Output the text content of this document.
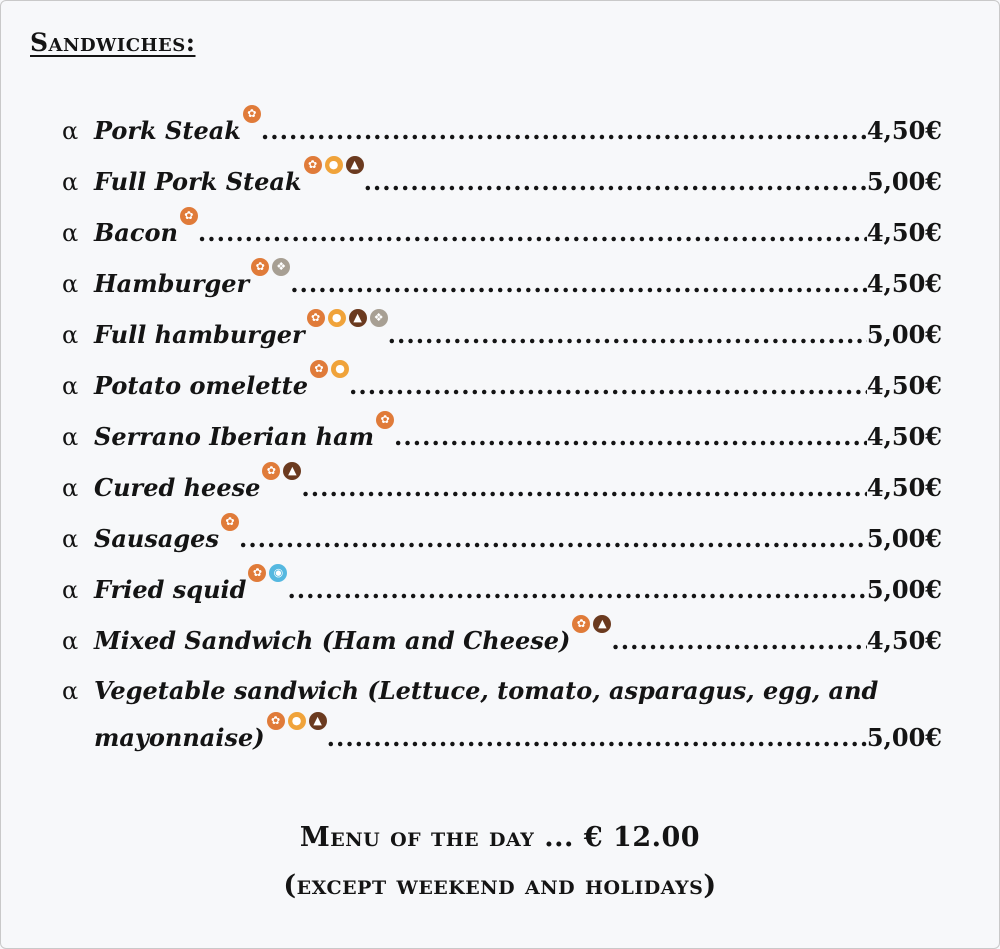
Sandwiches:
α Pork Steak
✿
.....
4,50€
α Full Pork Steak
✿	●	▲
.....
5,00€
α Bacon
✿
.....
4,50€
α Hamburger
✿	❖
.....
4,50€
α Full hamburger
✿	●	▲	❖
.....
5,00€
α Potato omelette
✿	●
.....
4,50€
α Serrano Iberian ham
✿
.....
4,50€
α Cured heese
✿	▲
.....
4,50€
α Sausages
✿
.....
5,00€
α Fried squid
✿	◉
.....
5,00€
α Mixed Sandwich (Ham and Cheese)
✿	▲
.....
4,50€
α Vegetable sandwich (Lettuce, tomato, asparagus, egg, and
mayonnaise)
✿	●	▲
.....
5,00€
Menu of the day ... € 12.00
(except weekend and holidays)
